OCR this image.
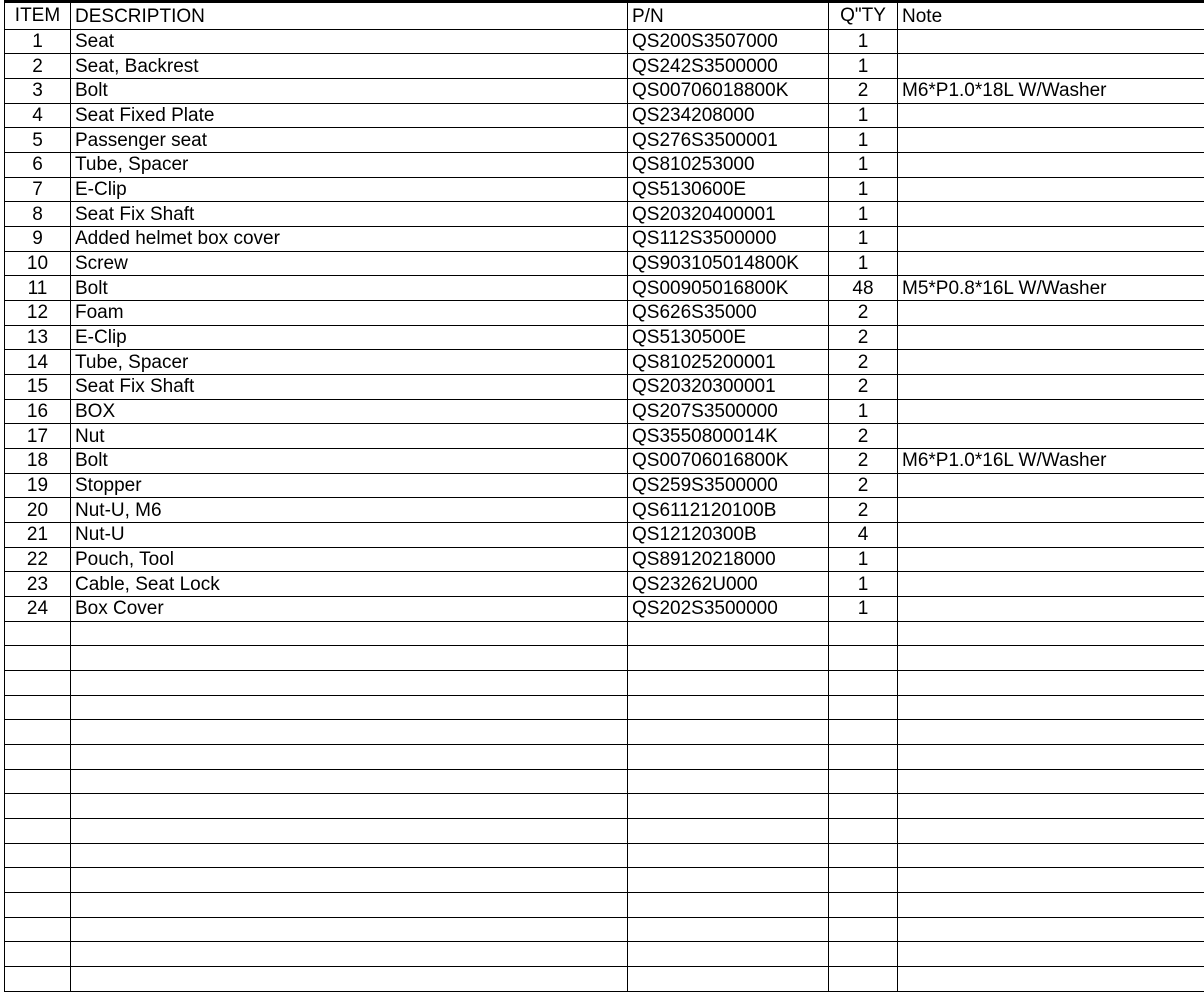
ITEM	DESCRIPTION	P/N	Q"TY	Note
1	Seat	QS200S3507000	1	
2	Seat, Backrest	QS242S3500000	1	
3	Bolt	QS00706018800K	2	M6*P1.0*18L W/Washer
4	Seat Fixed Plate	QS234208000	1	
5	Passenger seat	QS276S3500001	1	
6	Tube, Spacer	QS810253000	1	
7	E-Clip	QS5130600E	1	
8	Seat Fix Shaft	QS20320400001	1	
9	Added helmet box cover	QS112S3500000	1	
10	Screw	QS903105014800K	1	
11	Bolt	QS00905016800K	48	M5*P0.8*16L W/Washer
12	Foam	QS626S35000	2	
13	E-Clip	QS5130500E	2	
14	Tube, Spacer	QS81025200001	2	
15	Seat Fix Shaft	QS20320300001	2	
16	BOX	QS207S3500000	1	
17	Nut	QS3550800014K	2	
18	Bolt	QS00706016800K	2	M6*P1.0*16L W/Washer
19	Stopper	QS259S3500000	2	
20	Nut-U, M6	QS6112120100B	2	
21	Nut-U	QS12120300B	4	
22	Pouch, Tool	QS89120218000	1	
23	Cable, Seat Lock	QS23262U000	1	
24	Box Cover	QS202S3500000	1	
